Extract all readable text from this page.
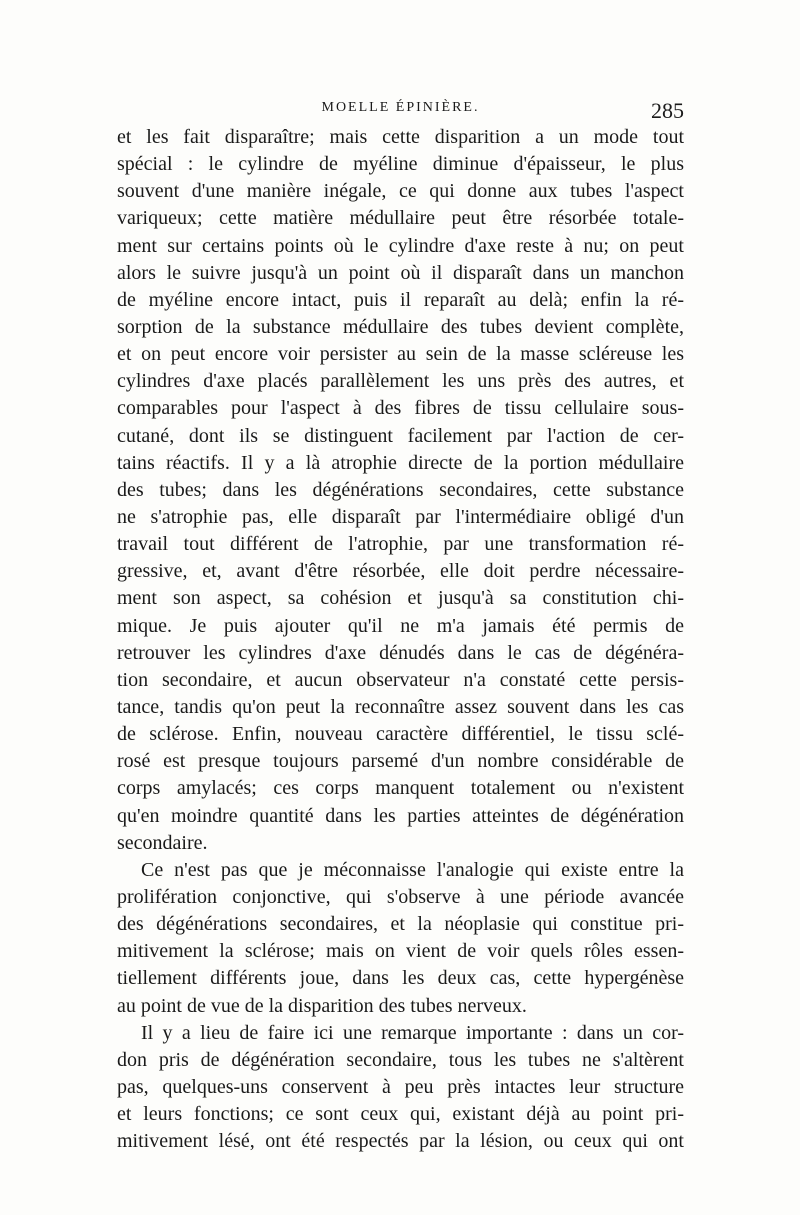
MOELLE ÉPINIÈRE.	285
et les fait disparaître; mais cette disparition a un mode tout
spécial : le cylindre de myéline diminue d'épaisseur, le plus
souvent d'une manière inégale, ce qui donne aux tubes l'aspect
variqueux; cette matière médullaire peut être résorbée totale-
ment sur certains points où le cylindre d'axe reste à nu; on peut
alors le suivre jusqu'à un point où il disparaît dans un manchon
de myéline encore intact, puis il reparaît au delà; enfin la ré-
sorption de la substance médullaire des tubes devient complète,
et on peut encore voir persister au sein de la masse scléreuse les
cylindres d'axe placés parallèlement les uns près des autres, et
comparables pour l'aspect à des fibres de tissu cellulaire sous-
cutané, dont ils se distinguent facilement par l'action de cer-
tains réactifs. Il y a là atrophie directe de la portion médullaire
des tubes; dans les dégénérations secondaires, cette substance
ne s'atrophie pas, elle disparaît par l'intermédiaire obligé d'un
travail tout différent de l'atrophie, par une transformation ré-
gressive, et, avant d'être résorbée, elle doit perdre nécessaire-
ment son aspect, sa cohésion et jusqu'à sa constitution chi-
mique. Je puis ajouter qu'il ne m'a jamais été permis de
retrouver les cylindres d'axe dénudés dans le cas de dégénéra-
tion secondaire, et aucun observateur n'a constaté cette persis-
tance, tandis qu'on peut la reconnaître assez souvent dans les cas
de sclérose. Enfin, nouveau caractère différentiel, le tissu sclé-
rosé est presque toujours parsemé d'un nombre considérable de
corps amylacés; ces corps manquent totalement ou n'existent
qu'en moindre quantité dans les parties atteintes de dégénération
secondaire.
Ce n'est pas que je méconnaisse l'analogie qui existe entre la
prolifération conjonctive, qui s'observe à une période avancée
des dégénérations secondaires, et la néoplasie qui constitue pri-
mitivement la sclérose; mais on vient de voir quels rôles essen-
tiellement différents joue, dans les deux cas, cette hypergénèse
au point de vue de la disparition des tubes nerveux.
Il y a lieu de faire ici une remarque importante : dans un cor-
don pris de dégénération secondaire, tous les tubes ne s'altèrent
pas, quelques-uns conservent à peu près intactes leur structure
et leurs fonctions; ce sont ceux qui, existant déjà au point pri-
mitivement lésé, ont été respectés par la lésion, ou ceux qui ont
